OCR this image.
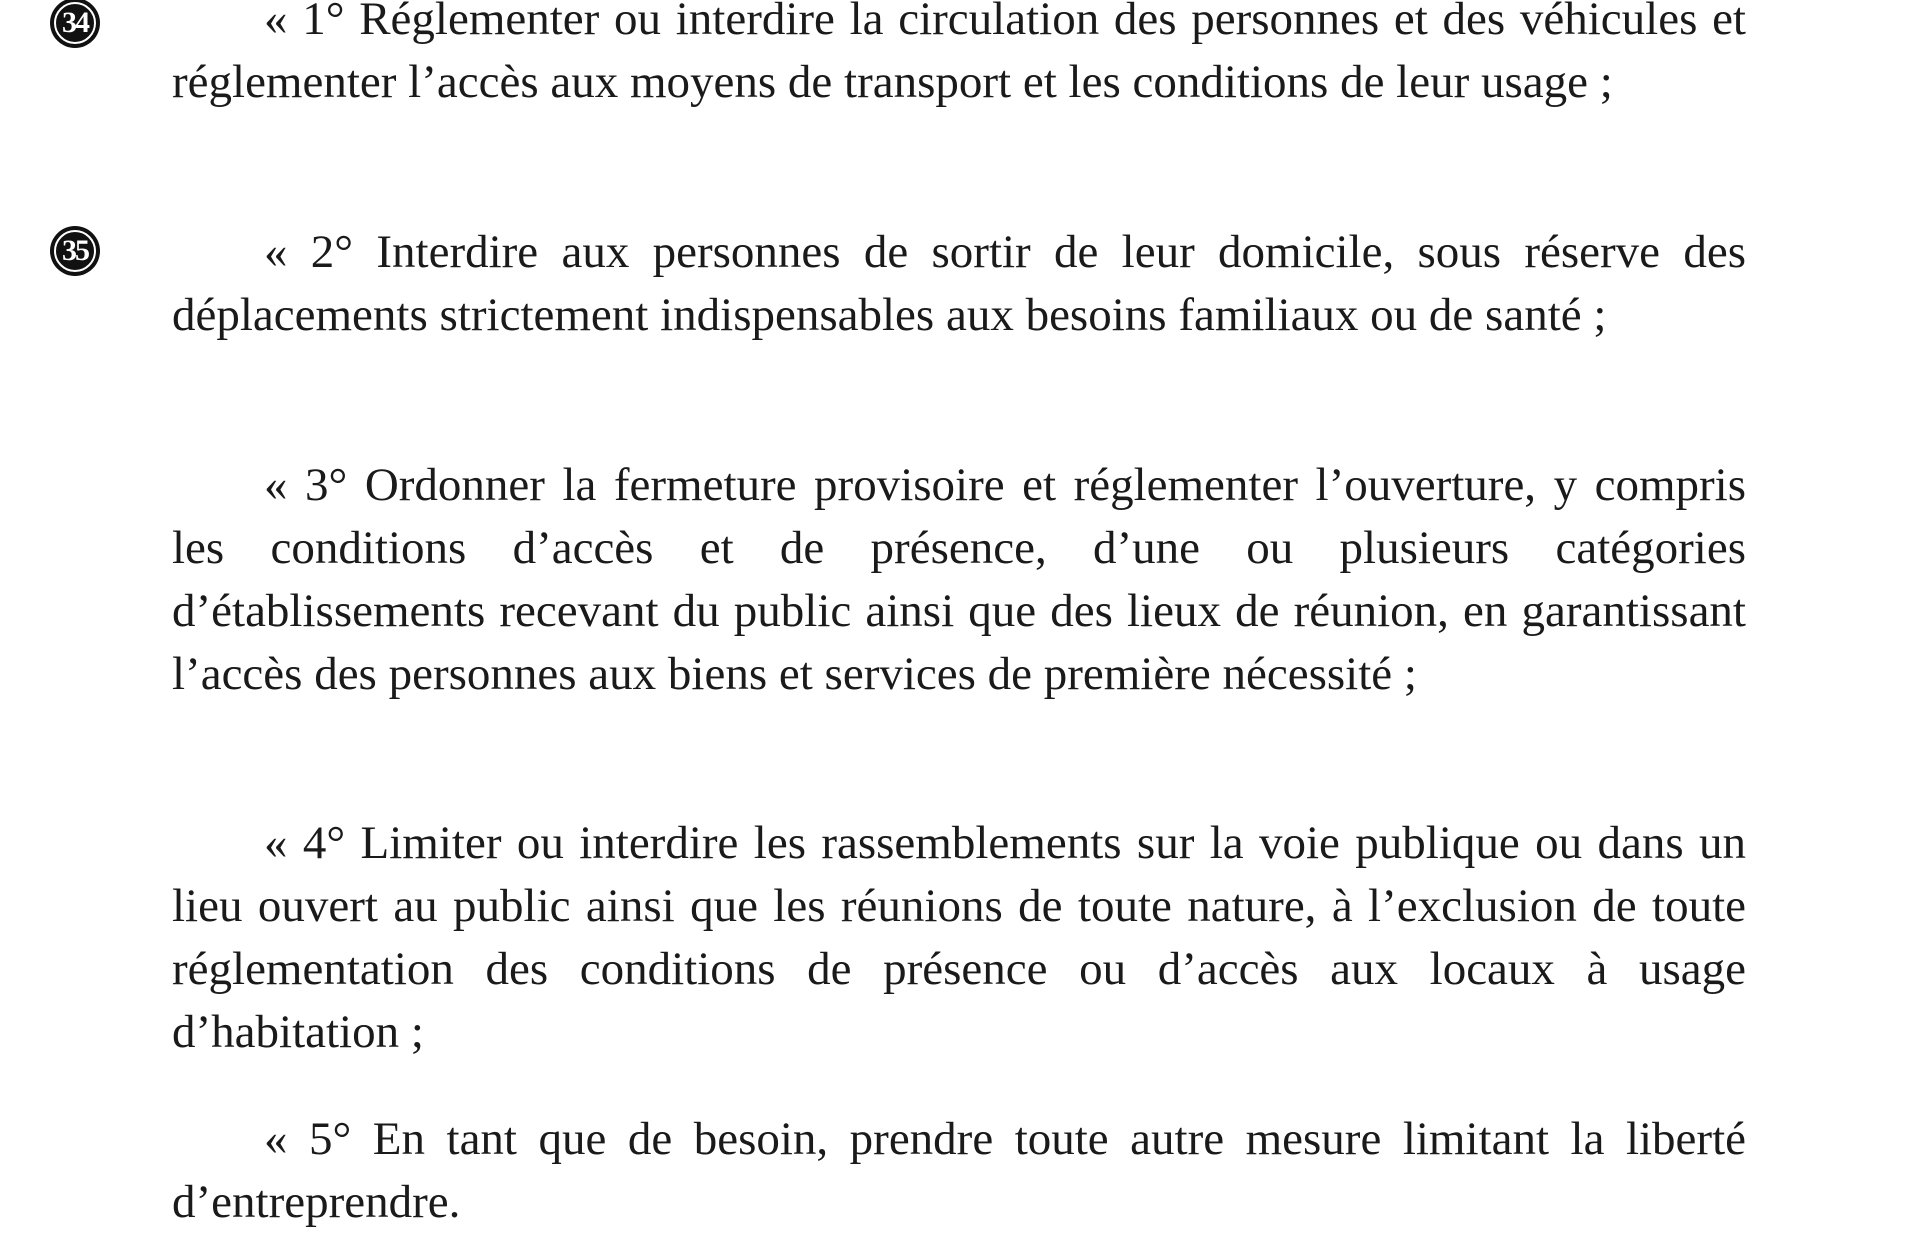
34	« 1° Réglementer ou interdire la circulation des personnes et des véhicules et réglementer l’accès aux moyens de transport et les conditions de leur usage ;

35	« 2° Interdire aux personnes de sortir de leur domicile, sous réserve des déplacements strictement indispensables aux besoins familiaux ou de santé ;

« 3° Ordonner la fermeture provisoire et réglementer l’ouverture, y compris les conditions d’accès et de présence, d’une ou plusieurs catégories d’établissements recevant du public ainsi que des lieux de réunion, en garantissant l’accès des personnes aux biens et services de première nécessité ;

« 4° Limiter ou interdire les rassemblements sur la voie publique ou dans un lieu ouvert au public ainsi que les réunions de toute nature, à l’exclusion de toute réglementation des conditions de présence ou d’accès aux locaux à usage d’habitation ;

« 5° En tant que de besoin, prendre toute autre mesure limitant la liberté d’entreprendre.
